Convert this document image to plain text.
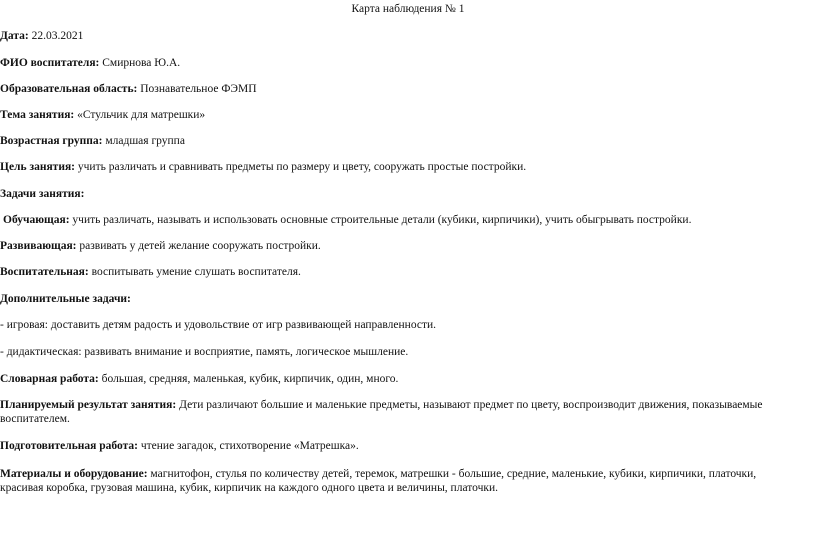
Карта наблюдения № 1
Дата: 22.03.2021
ФИО воспитателя: Смирнова Ю.А.
Образовательная область: Познавательное ФЭМП
Тема занятия: «Стульчик для матрешки»
Возрастная группа: младшая группа
Цель занятия: учить различать и сравнивать предметы по размеру и цвету, сооружать простые постройки.
Задачи занятия:
Обучающая: учить различать, называть и использовать основные строительные детали (кубики, кирпичики), учить обыгрывать постройки.
Развивающая: развивать у детей желание сооружать постройки.
Воспитательная: воспитывать умение слушать воспитателя.
Дополнительные задачи:
- игровая: доставить детям радость и удовольствие от игр развивающей направленности.
- дидактическая: развивать внимание и восприятие, память, логическое мышление.
Словарная работа: большая, средняя, маленькая, кубик, кирпичик, один, много.
Планируемый результат занятия: Дети различают большие и маленькие предметы, называют предмет по цвету, воспроизводит движения, показываемые воспитателем.
Подготовительная работа: чтение загадок, стихотворение «Матрешка».
Материалы и оборудование: магнитофон, стулья по количеству детей, теремок, матрешки - большие, средние, маленькие, кубики, кирпичики, платочки, красивая коробка, грузовая машина, кубик, кирпичик на каждого одного цвета и величины, платочки.
